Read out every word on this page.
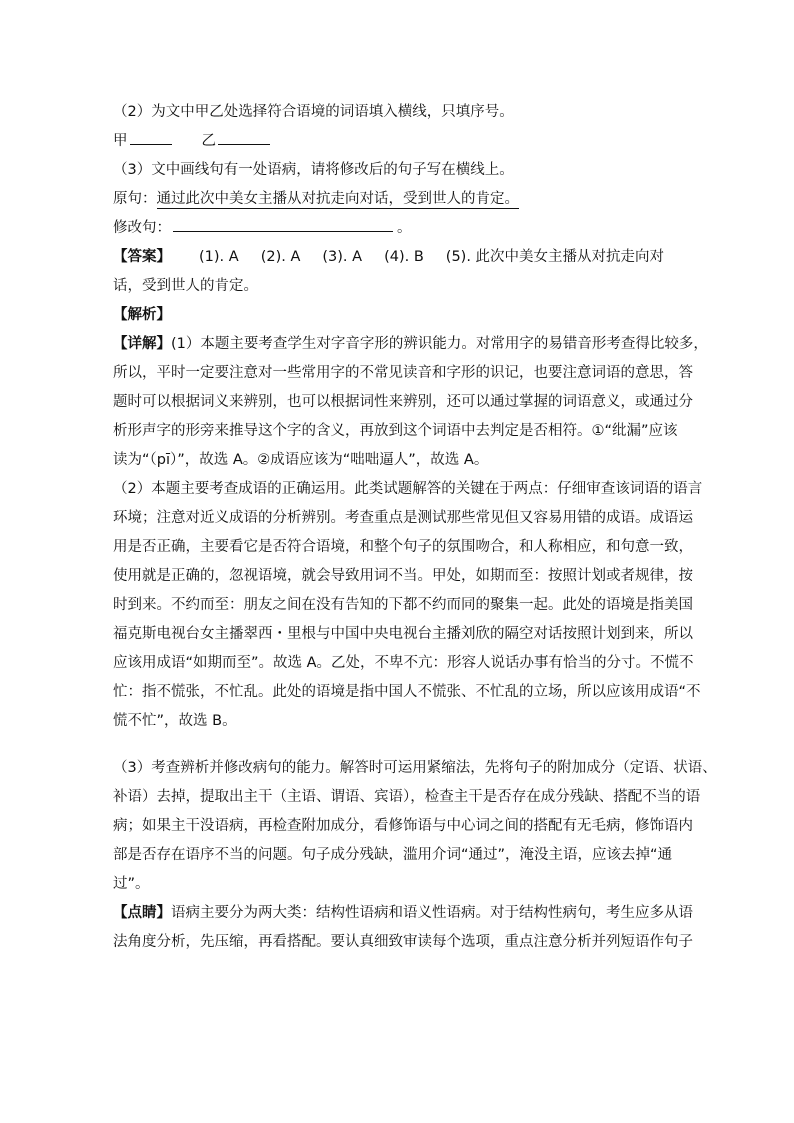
（2）为文中甲乙处选择符合语境的词语填入横线，只填序号。
甲	乙
（3）文中画线句有一处语病，请将修改后的句子写在横线上。
原句：通过此次中美女主播从对抗走向对话，受到世人的肯定。
修改句：	。
【答案】 (1). A (2). A (3). A (4). B (5). 此次中美女主播从对抗走向对
话，受到世人的肯定。
【解析】
【详解】(1）本题主要考查学生对字音字形的辨识能力。对常用字的易错音形考查得比较多，
所以，平时一定要注意对一些常用字的不常见读音和字形的识记，也要注意词语的意思，答
题时可以根据词义来辨别，也可以根据词性来辨别，还可以通过掌握的词语意义，或通过分
析形声字的形旁来推导这个字的含义，再放到这个词语中去判定是否相符。①“纰漏”应该
读为“（pī）”，故选 A。②成语应该为“咄咄逼人”，故选 A。
（2）本题主要考查成语的正确运用。此类试题解答的关键在于两点：仔细审查该词语的语言
环境；注意对近义成语的分析辨别。考查重点是测试那些常见但又容易用错的成语。成语运
用是否正确，主要看它是否符合语境，和整个句子的氛围吻合，和人称相应，和句意一致，
使用就是正确的，忽视语境，就会导致用词不当。甲处，如期而至：按照计划或者规律，按
时到来。不约而至：朋友之间在没有告知的下都不约而同的聚集一起。此处的语境是指美国
福克斯电视台女主播翠西・里根与中国中央电视台主播刘欣的隔空对话按照计划到来，所以
应该用成语“如期而至”。故选 A。乙处，不卑不亢：形容人说话办事有恰当的分寸。不慌不
忙：指不慌张，不忙乱。此处的语境是指中国人不慌张、不忙乱的立场，所以应该用成语“不
慌不忙”，故选 B。
（3）考查辨析并修改病句的能力。解答时可运用紧缩法，先将句子的附加成分（定语、状语、
补语）去掉，提取出主干（主语、谓语、宾语），检查主干是否存在成分残缺、搭配不当的语
病；如果主干没语病，再检查附加成分，看修饰语与中心词之间的搭配有无毛病，修饰语内
部是否存在语序不当的问题。句子成分残缺，滥用介词“通过”，淹没主语，应该去掉“通
过”。
【点睛】语病主要分为两大类：结构性语病和语义性语病。对于结构性病句，考生应多从语
法角度分析，先压缩，再看搭配。要认真细致审读每个选项，重点注意分析并列短语作句子
